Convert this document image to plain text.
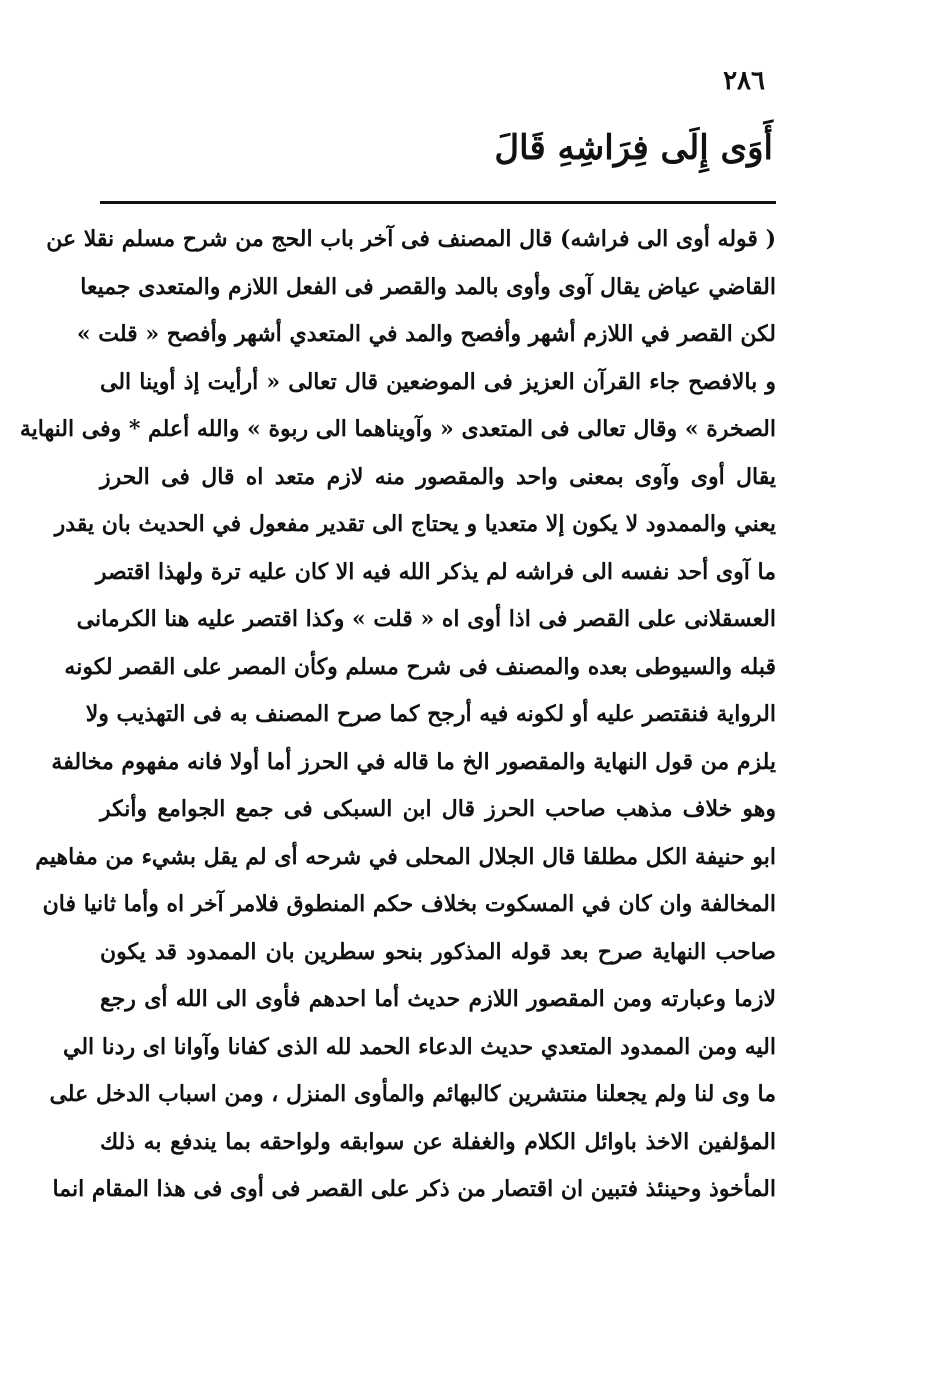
٢٨٦
أَوَى إِلَى فِرَاشِهِ قَالَ
( قوله أوى الى فراشه) قال المصنف فى آخر باب الحج من شرح مسلم نقلا عن
القاضي عياض يقال آوى وأوى بالمد والقصر فى الفعل اللازم والمتعدى جميعا
لكن القصر في اللازم أشهر وأفصح والمد في المتعدي أشهر وأفصح « قلت »
و بالافصح جاء القرآن العزيز فى الموضعين قال تعالى « أرأيت إذ أوينا الى
الصخرة » وقال تعالى فى المتعدى « وآويناهما الى ربوة » والله أعلم * وفى النهاية
يقال أوى وآوى بمعنى واحد والمقصور منه لازم متعد اه قال فى الحرز
يعني والممدود لا يكون إلا متعديا و يحتاج الى تقدير مفعول في الحديث بان يقدر
ما آوى أحد نفسه الى فراشه لم يذكر الله فيه الا كان عليه ترة ولهذا اقتصر
العسقلانى على القصر فى اذا أوى اه « قلت » وكذا اقتصر عليه هنا الكرمانى
قبله والسيوطى بعده والمصنف فى شرح مسلم وكأن المصر على القصر لكونه
الرواية فنقتصر عليه أو لكونه فيه أرجح كما صرح المصنف به فى التهذيب ولا
يلزم من قول النهاية والمقصور الخ ما قاله في الحرز أما أولا فانه مفهوم مخالفة
وهو خلاف مذهب صاحب الحرز قال ابن السبكى فى جمع الجوامع وأنكر
ابو حنيفة الكل مطلقا قال الجلال المحلى في شرحه أى لم يقل بشيء من مفاهيم
المخالفة وان كان في المسكوت بخلاف حكم المنطوق فلامر آخر اه وأما ثانيا فان
صاحب النهاية صرح بعد قوله المذكور بنحو سطرين بان الممدود قد يكون
لازما وعبارته ومن المقصور اللازم حديث أما احدهم فأوى الى الله أى رجع
اليه ومن الممدود المتعدي حديث الدعاء الحمد لله الذى كفانا وآوانا اى ردنا الي
ما وى لنا ولم يجعلنا منتشرين كالبهائم والمأوى المنزل ، ومن اسباب الدخل على
المؤلفين الاخذ باوائل الكلام والغفلة عن سوابقه ولواحقه بما يندفع به ذلك
المأخوذ وحينئذ فتبين ان اقتصار من ذكر على القصر فى أوى فى هذا المقام انما
